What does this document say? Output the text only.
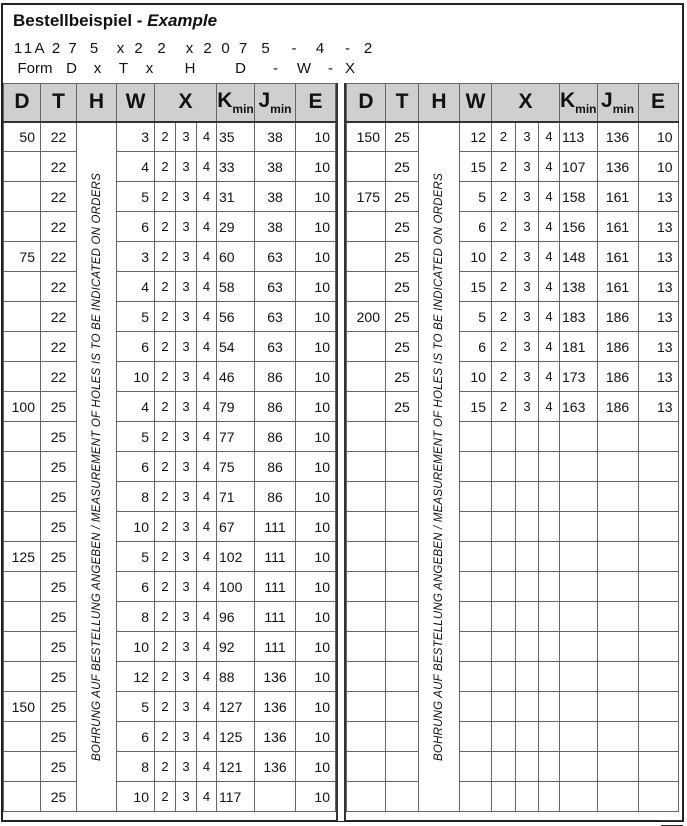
Bestellbeispiel - Example
1 1 A 2 7 5 x 2 2 x 2 0 7 5 - 4 - 2
Form D x T x H	D - W - X
D	T	H	W	X			$K_{min}$	$J_{min}$	E
50	22	BOHRUNG AUF BESTELLUNG ANGEBEN / MEASUREMENT OF HOLES IS TO BE INDICATED ON ORDERS	3	2	3	4	35	38	10
	22		4	2	3	4	33	38	10
	22		5	2	3	4	31	38	10
	22		6	2	3	4	29	38	10
75	22		3	2	3	4	60	63	10
	22		4	2	3	4	58	63	10
	22		5	2	3	4	56	63	10
	22		6	2	3	4	54	63	10
	22		10	2	3	4	46	86	10
100	25		4	2	3	4	79	86	10
	25		5	2	3	4	77	86	10
	25		6	2	3	4	75	86	10
	25		8	2	3	4	71	86	10
	25		10	2	3	4	67	111	10
125	25		5	2	3	4	102	111	10
	25		6	2	3	4	100	111	10
	25		8	2	3	4	96	111	10
	25		10	2	3	4	92	111	10
	25		12	2	3	4	88	136	10
150	25		5	2	3	4	127	136	10
	25		6	2	3	4	125	136	10
	25		8	2	3	4	121	136	10
	25		10	2	3	4	117		10
D	T	H	W	X			$K_{min}$	$J_{min}$	E
150	25	BOHRUNG AUF BESTELLUNG ANGEBEN / MEASUREMENT OF HOLES IS TO BE INDICATED ON ORDERS	12	2	3	4	113	136	10
	25		15	2	3	4	107	136	10
175	25		5	2	3	4	158	161	13
	25		6	2	3	4	156	161	13
	25		10	2	3	4	148	161	13
	25		15	2	3	4	138	161	13
200	25		5	2	3	4	183	186	13
	25		6	2	3	4	181	186	13
	25		10	2	3	4	173	186	13
	25		15	2	3	4	163	186	13
